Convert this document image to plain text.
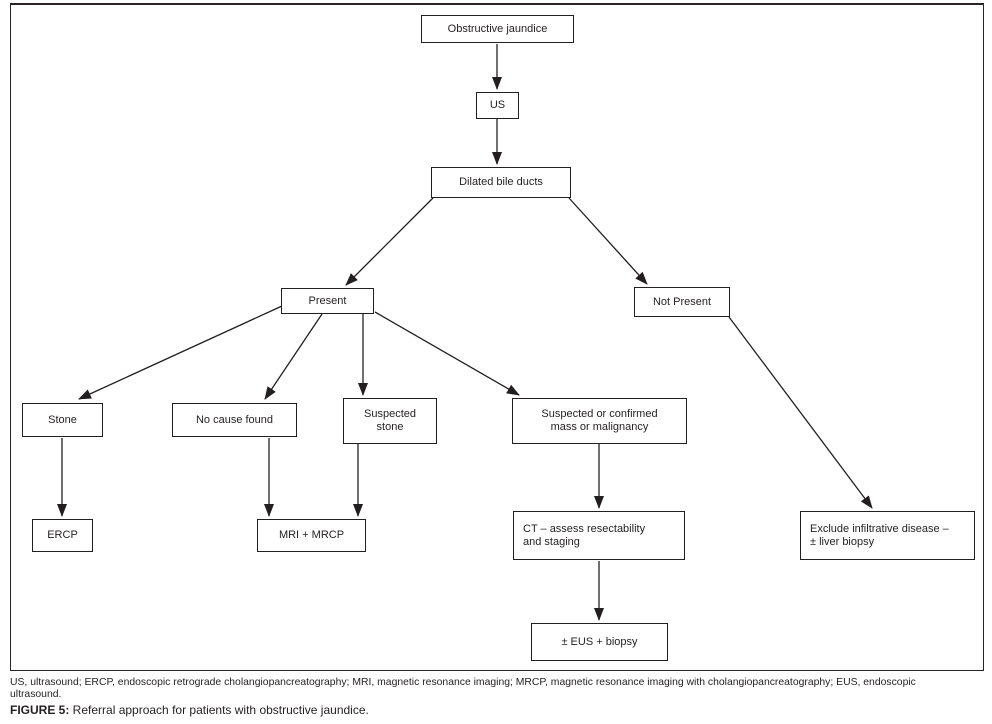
Obstructive jaundice
US
Dilated bile ducts
Present	Not Present
Stone	No cause found	Suspected
stone
Suspected or confirmed
mass or malignancy
ERCP	MRI + MRCP
CT – assess resectability
and staging
Exclude infiltrative disease –
± liver biopsy
± EUS + biopsy
US, ultrasound; ERCP, endoscopic retrograde cholangiopancreatography; MRI, magnetic resonance imaging; MRCP, magnetic resonance imaging with cholangiopancreatography; EUS, endoscopic
ultrasound.
FIGURE 5: Referral approach for patients with obstructive jaundice.
